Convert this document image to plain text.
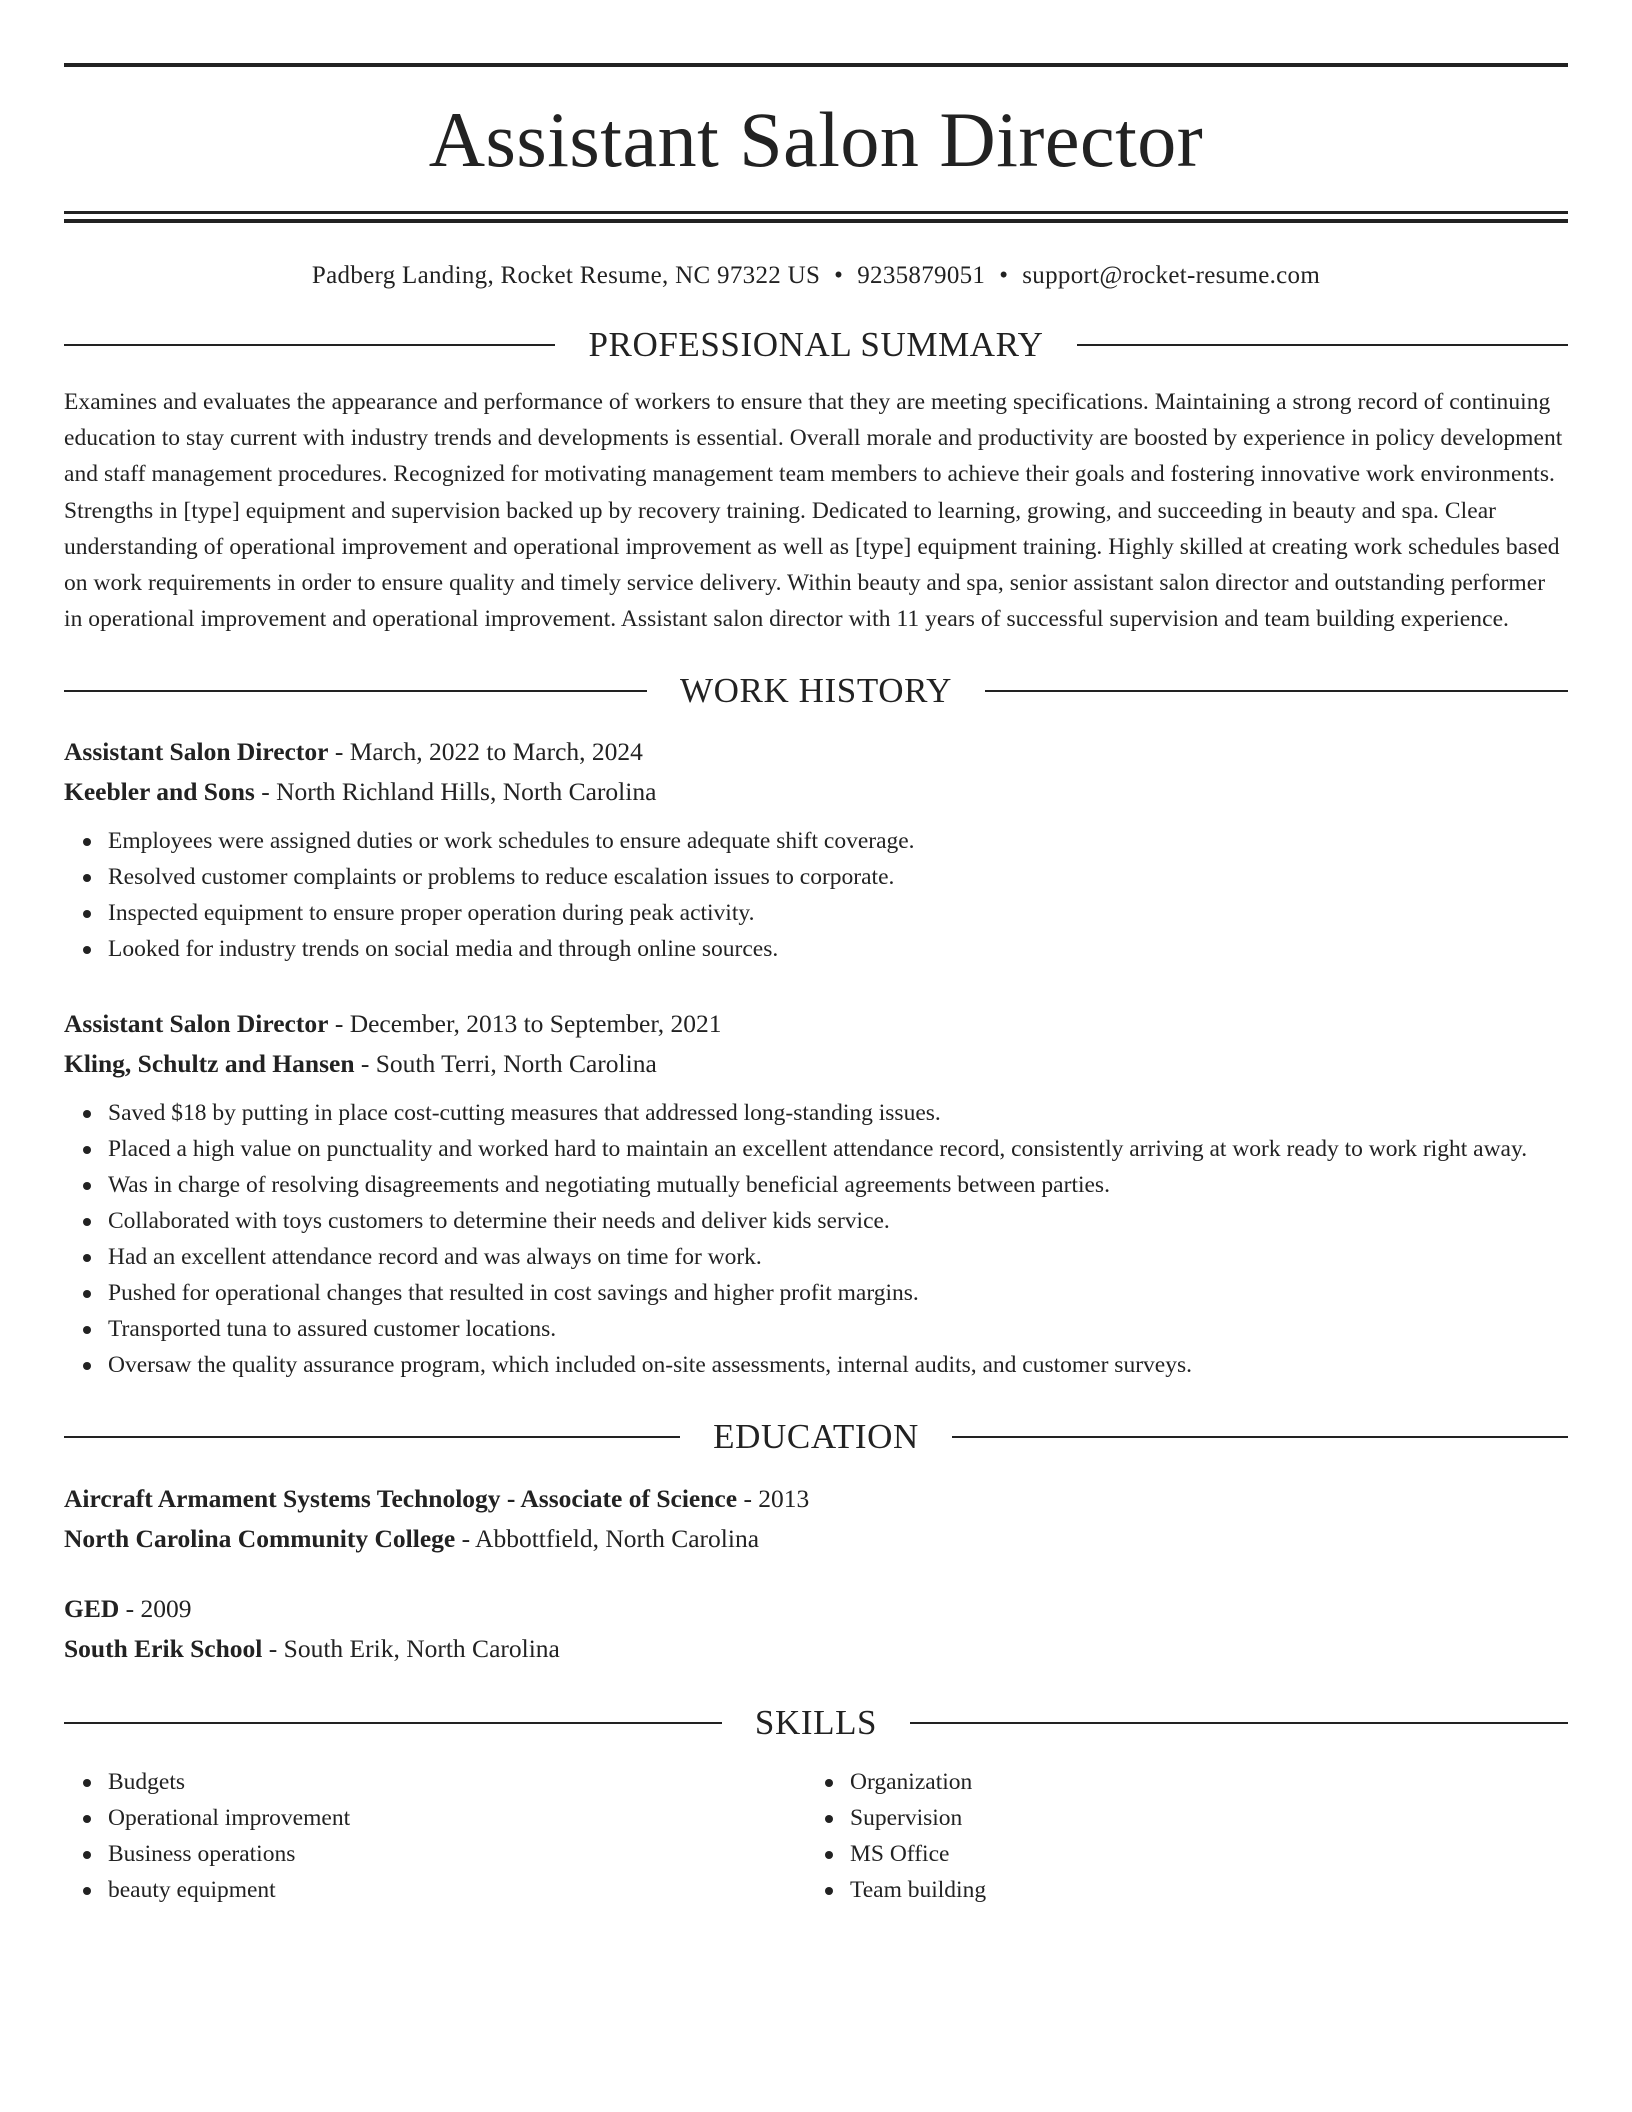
Assistant Salon Director
Padberg Landing, Rocket Resume, NC 97322 US • 9235879051 • support@rocket-resume.com
PROFESSIONAL SUMMARY

Examines and evaluates the appearance and performance of workers to ensure that they are meeting specifications. Maintaining a strong record of continuing education to stay current with industry trends and developments is essential. Overall morale and productivity are boosted by experience in policy development and staff management procedures. Recognized for motivating management team members to achieve their goals and fostering innovative work environments. Strengths in [type] equipment and supervision backed up by recovery training. Dedicated to learning, growing, and succeeding in beauty and spa. Clear understanding of operational improvement and operational improvement as well as [type] equipment training. Highly skilled at creating work schedules based on work requirements in order to ensure quality and timely service delivery. Within beauty and spa, senior assistant salon director and outstanding performer in operational improvement and operational improvement. Assistant salon director with 11 years of successful supervision and team building experience.

WORK HISTORY
Assistant Salon Director - March, 2022 to March, 2024
Keebler and Sons - North Richland Hills, North Carolina
Employees were assigned duties or work schedules to ensure adequate shift coverage.
Resolved customer complaints or problems to reduce escalation issues to corporate.
Inspected equipment to ensure proper operation during peak activity.
Looked for industry trends on social media and through online sources.
Assistant Salon Director - December, 2013 to September, 2021
Kling, Schultz and Hansen - South Terri, North Carolina
Saved $18 by putting in place cost-cutting measures that addressed long-standing issues.
Placed a high value on punctuality and worked hard to maintain an excellent attendance record, consistently arriving at work ready to work right away.
Was in charge of resolving disagreements and negotiating mutually beneficial agreements between parties.
Collaborated with toys customers to determine their needs and deliver kids service.
Had an excellent attendance record and was always on time for work.
Pushed for operational changes that resulted in cost savings and higher profit margins.
Transported tuna to assured customer locations.
Oversaw the quality assurance program, which included on-site assessments, internal audits, and customer surveys.
EDUCATION
Aircraft Armament Systems Technology - Associate of Science - 2013
North Carolina Community College - Abbottfield, North Carolina
GED - 2009
South Erik School - South Erik, North Carolina
SKILLS
Budgets
Operational improvement
Business operations
beauty equipment
Organization
Supervision
MS Office
Team building
